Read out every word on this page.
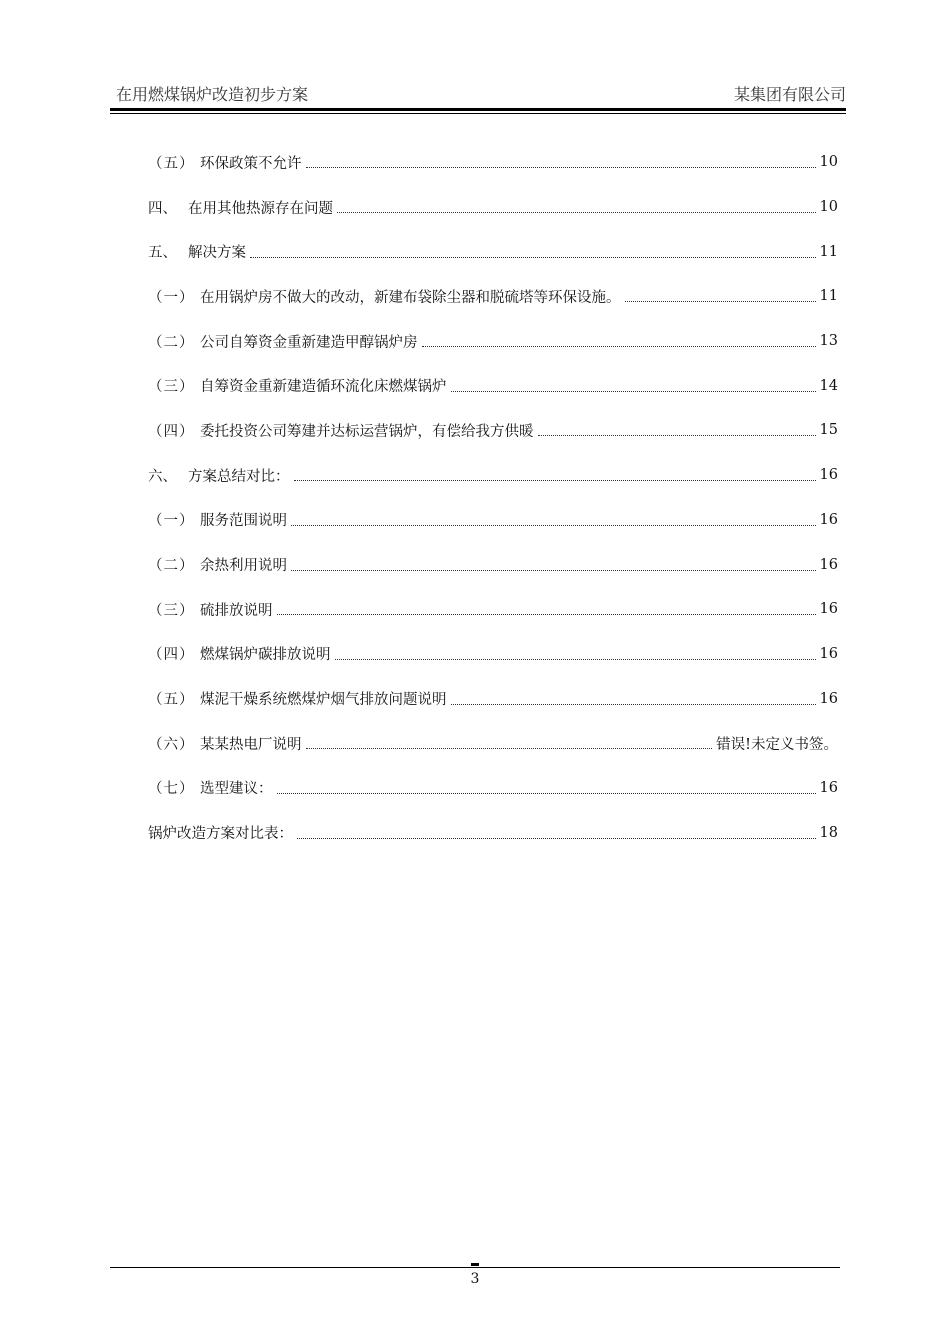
在用燃煤锅炉改造初步方案	某集团有限公司
（五） 环保政策不允许	10
四、 在用其他热源存在问题	10
五、 解决方案	11
（一） 在用锅炉房不做大的改动，新建布袋除尘器和脱硫塔等环保设施。	11
（二） 公司自筹资金重新建造甲醇锅炉房	13
（三） 自筹资金重新建造循环流化床燃煤锅炉	14
（四） 委托投资公司筹建并达标运营锅炉，有偿给我方供暖	15
六、 方案总结对比：	16
（一） 服务范围说明	16
（二） 余热利用说明	16
（三） 硫排放说明	16
（四） 燃煤锅炉碳排放说明	16
（五） 煤泥干燥系统燃煤炉烟气排放问题说明	16
（六） 某某热电厂说明	错误!未定义书签。
（七） 选型建议：	16
锅炉改造方案对比表：	18
3
